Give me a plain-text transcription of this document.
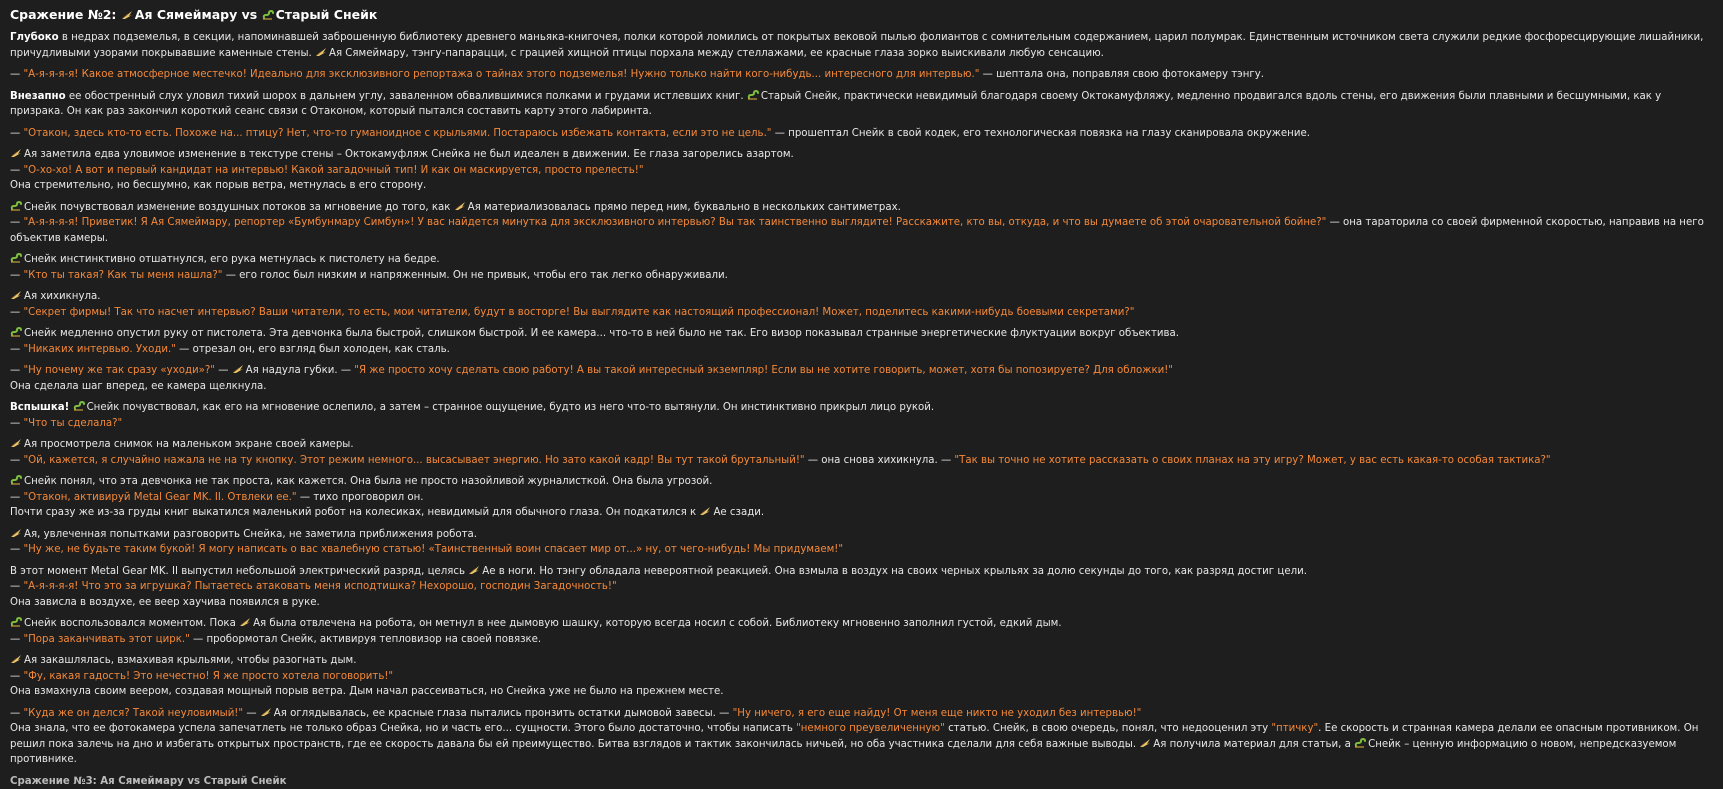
Сражение №2:
Ая Сямеймару vs
Старый Снейк

Глубоко в недрах подземелья, в секции, напоминавшей заброшенную библиотеку древнего маньяка-книгочея, полки которой ломились от покрытых вековой пылью фолиантов с сомнительным содержанием, царил полумрак. Единственным источником света служили редкие фосфоресцирующие лишайники, причудливыми узорами покрывавшие каменные стены.
Ая Сямеймару, тэнгу-папарацци, с грацией хищной птицы порхала между стеллажами, ее красные глаза зорко выискивали любую сенсацию.

— "А-я-я-я-я! Какое атмосферное местечко! Идеально для эксклюзивного репортажа о тайнах этого подземелья! Нужно только найти кого-нибудь... интересного для интервью." — шептала она, поправляя свою фотокамеру тэнгу.

Внезапно ее обостренный слух уловил тихий шорох в дальнем углу, заваленном обвалившимися полками и грудами истлевших книг.
Старый Снейк, практически невидимый благодаря своему Октокамуфляжу, медленно продвигался вдоль стены, его движения были плавными и бесшумными, как у призрака. Он как раз закончил короткий сеанс связи с Отаконом, который пытался составить карту этого лабиринта.

— "Отакон, здесь кто-то есть. Похоже на... птицу? Нет, что-то гуманоидное с крыльями. Постараюсь избежать контакта, если это не цель." — прошептал Снейк в свой кодек, его технологическая повязка на глазу сканировала окружение.

Ая заметила едва уловимое изменение в текстуре стены – Октокамуфляж Снейка не был идеален в движении. Ее глаза загорелись азартом.
— "О-хо-хо! А вот и первый кандидат на интервью! Какой загадочный тип! И как он маскируется, просто прелесть!"
Она стремительно, но бесшумно, как порыв ветра, метнулась в его сторону.

Снейк почувствовал изменение воздушных потоков за мгновение до того, как
Ая материализовалась прямо перед ним, буквально в нескольких сантиметрах.
— "А-я-я-я-я! Приветик! Я Ая Сямеймару, репортер «Бумбунмару Симбун»! У вас найдется минутка для эксклюзивного интервью? Вы так таинственно выглядите! Расскажите, кто вы, откуда, и что вы думаете об этой очаровательной бойне?" — она тараторила со своей фирменной скоростью, направив на него объектив камеры.

Снейк инстинктивно отшатнулся, его рука метнулась к пистолету на бедре.
— "Кто ты такая? Как ты меня нашла?" — его голос был низким и напряженным. Он не привык, чтобы его так легко обнаруживали.

Ая хихикнула.
— "Секрет фирмы! Так что насчет интервью? Ваши читатели, то есть, мои читатели, будут в восторге! Вы выглядите как настоящий профессионал! Может, поделитесь какими-нибудь боевыми секретами?"

Снейк медленно опустил руку от пистолета. Эта девчонка была быстрой, слишком быстрой. И ее камера... что-то в ней было не так. Его визор показывал странные энергетические флуктуации вокруг объектива.
— "Никаких интервью. Уходи." — отрезал он, его взгляд был холоден, как сталь.

— "Ну почему же так сразу «уходи»?" —
Ая надула губки. — "Я же просто хочу сделать свою работу! А вы такой интересный экземпляр! Если вы не хотите говорить, может, хотя бы попозируете? Для обложки!"
Она сделала шаг вперед, ее камера щелкнула.

Вспышка! Снейк почувствовал, как его на мгновение ослепило, а затем – странное ощущение, будто из него что-то вытянули. Он инстинктивно прикрыл лицо рукой.
— "Что ты сделала?"

Ая просмотрела снимок на маленьком экране своей камеры.
— "Ой, кажется, я случайно нажала не на ту кнопку. Этот режим немного... высасывает энергию. Но зато какой кадр! Вы тут такой брутальный!" — она снова хихикнула. — "Так вы точно не хотите рассказать о своих планах на эту игру? Может, у вас есть какая-то особая тактика?"

Снейк понял, что эта девчонка не так проста, как кажется. Она была не просто назойливой журналисткой. Она была угрозой.
— "Отакон, активируй Metal Gear MK. II. Отвлеки ее." — тихо проговорил он.
Почти сразу же из-за груды книг выкатился маленький робот на колесиках, невидимый для обычного глаза. Он подкатился к
Ае сзади.

Ая, увлеченная попытками разговорить Снейка, не заметила приближения робота.
— "Ну же, не будьте таким букой! Я могу написать о вас хвалебную статью! «Таинственный воин спасает мир от...» ну, от чего-нибудь! Мы придумаем!"

В этот момент Metal Gear MK. II выпустил небольшой электрический разряд, целясь
Ае в ноги. Но тэнгу обладала невероятной реакцией. Она взмыла в воздух на своих черных крыльях за долю секунды до того, как разряд достиг цели.
— "А-я-я-я-я! Что это за игрушка? Пытаетесь атаковать меня исподтишка? Нехорошо, господин Загадочность!"
Она зависла в воздухе, ее веер хаучива появился в руке.

Снейк воспользовался моментом. Пока
Ая была отвлечена на робота, он метнул в нее дымовую шашку, которую всегда носил с собой. Библиотеку мгновенно заполнил густой, едкий дым.
— "Пора заканчивать этот цирк." — пробормотал Снейк, активируя тепловизор на своей повязке.

Ая закашлялась, взмахивая крыльями, чтобы разогнать дым.
— "Фу, какая гадость! Это нечестно! Я же просто хотела поговорить!"
Она взмахнула своим веером, создавая мощный порыв ветра. Дым начал рассеиваться, но Снейка уже не было на прежнем месте.

— "Куда же он делся? Такой неуловимый!" —
Ая оглядывалась, ее красные глаза пытались пронзить остатки дымовой завесы. — "Ну ничего, я его еще найду! От меня еще никто не уходил без интервью!"
Она знала, что ее фотокамера успела запечатлеть не только образ Снейка, но и часть его... сущности. Этого было достаточно, чтобы написать "немного преувеличенную" статью. Снейк, в свою очередь, понял, что недооценил эту "птичку". Ее скорость и странная камера делали ее опасным противником. Он решил пока залечь на дно и избегать открытых пространств, где ее скорость давала бы ей преимущество. Битва взглядов и тактик закончилась ничьей, но оба участника сделали для себя важные выводы.
Ая получила материал для статьи, а
Снейк – ценную информацию о новом, непредсказуемом противнике.

Сражение №3: Ая Сямеймару vs Старый Снейк
